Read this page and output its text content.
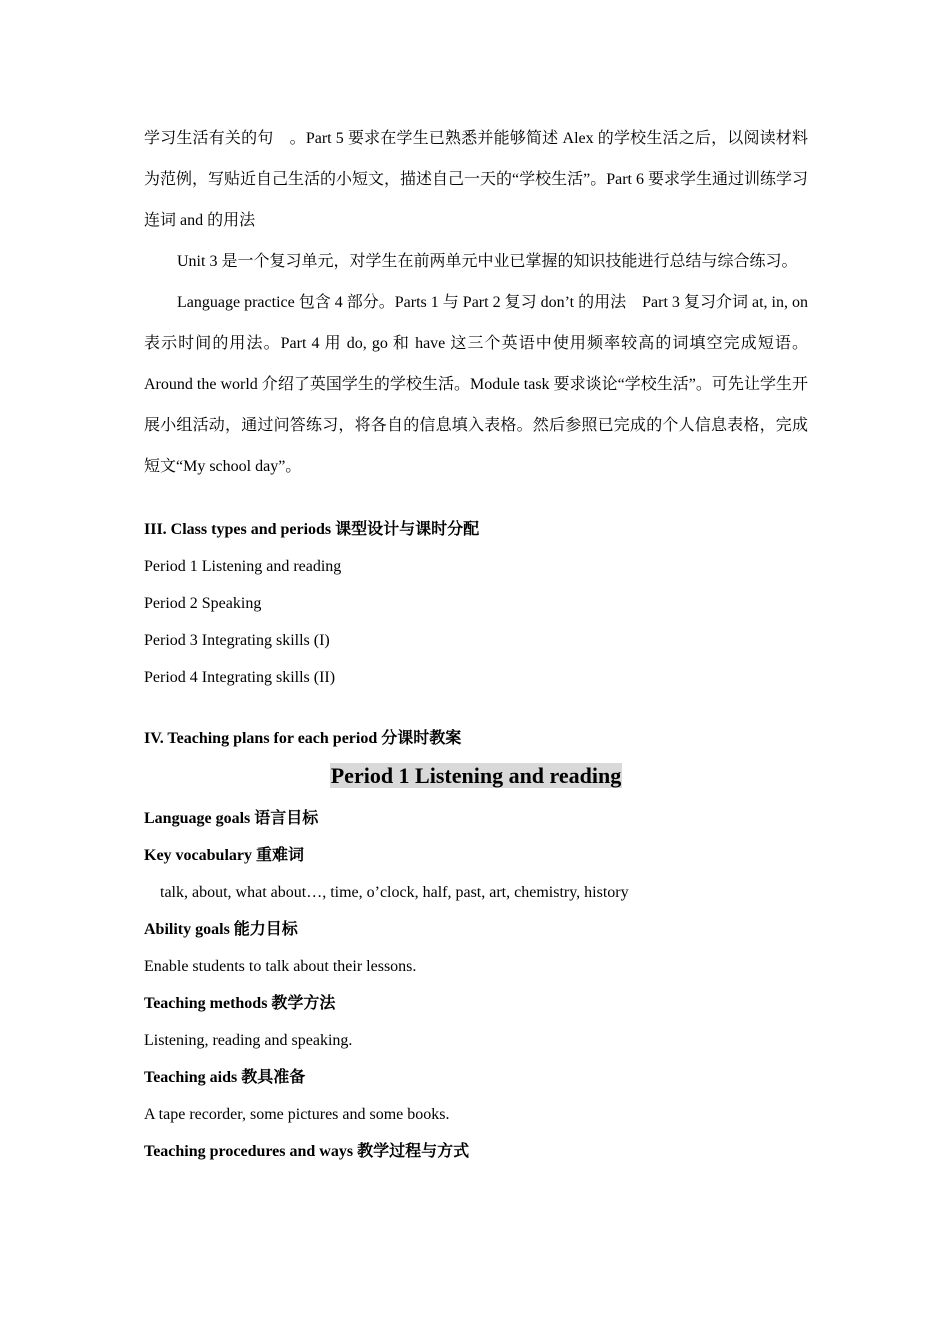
学习生活有关的句　。Part 5 要求在学生已熟悉并能够简述 Alex 的学校生活之后，以阅读材料为范例，写贴近自己生活的小短文，描述自己一天的“学校生活”。Part 6 要求学生通过训练学习连词 and 的用法

Unit 3 是一个复习单元，对学生在前两单元中业已掌握的知识技能进行总结与综合练习。

Language practice 包含 4 部分。Parts 1 与 Part 2 复习 don’t 的用法　Part 3 复习介词 at, in, on 表示时间的用法。Part 4 用 do, go 和 have 这三个英语中使用频率较高的词填空完成短语。Around the world 介绍了英国学生的学校生活。Module task 要求谈论“学校生活”。可先让学生开展小组活动，通过问答练习，将各自的信息填入表格。然后参照已完成的个人信息表格，完成短文“My school day”。

III. Class types and periods 课型设计与课时分配

Period 1 Listening and reading

Period 2 Speaking

Period 3 Integrating skills (I)

Period 4 Integrating skills (II)

IV. Teaching plans for each period 分课时教案

Period 1 Listening and reading

Language goals 语言目标

Key vocabulary 重难词

talk, about, what about…, time, o’clock, half, past, art, chemistry, history

Ability goals 能力目标

Enable students to talk about their lessons.

Teaching methods 教学方法

Listening, reading and speaking.

Teaching aids 教具准备

A tape recorder, some pictures and some books.

Teaching procedures and ways 教学过程与方式
